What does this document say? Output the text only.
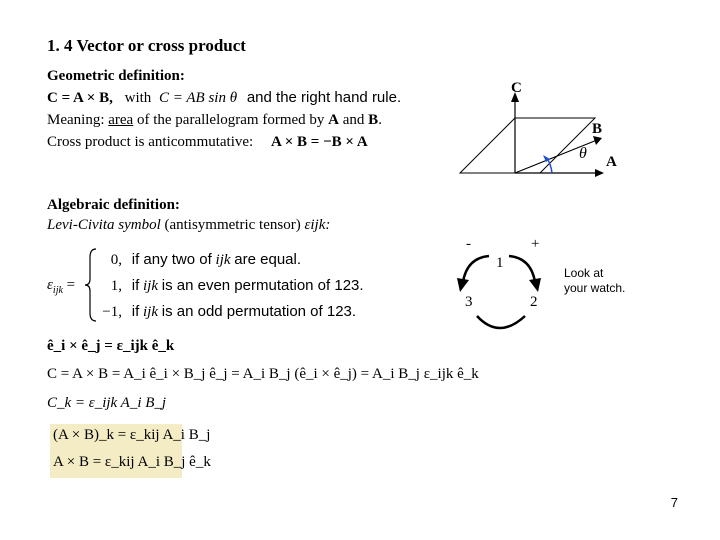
1. 4 Vector or cross product
Geometric definition:
C = A × B, with C = AB sin θ and the right hand rule.
Meaning: area of the parallelogram formed by A and B.
Cross product is anticommutative: A × B = −B × A
C
B
A
θ
Algebraic definition:
Levi-Civita symbol (antisymmetric tensor) εijk:
$\varepsilon_{ijk}$ =
0, if any two of ijk are equal.
1, if ijk is an even permutation of 123.
−1, if ijk is an odd permutation of 123.
-	+
1
3	2
Look at
your watch.
ê_i × ê_j = ε_ijk ê_k
C = A × B = A_i ê_i × B_j ê_j = A_i B_j (ê_i × ê_j) = A_i B_j ε_ijk ê_k
C_k = ε_ijk A_i B_j
(A × B)_k = ε_kij A_i B_j
A × B = ε_kij A_i B_j ê_k
7
